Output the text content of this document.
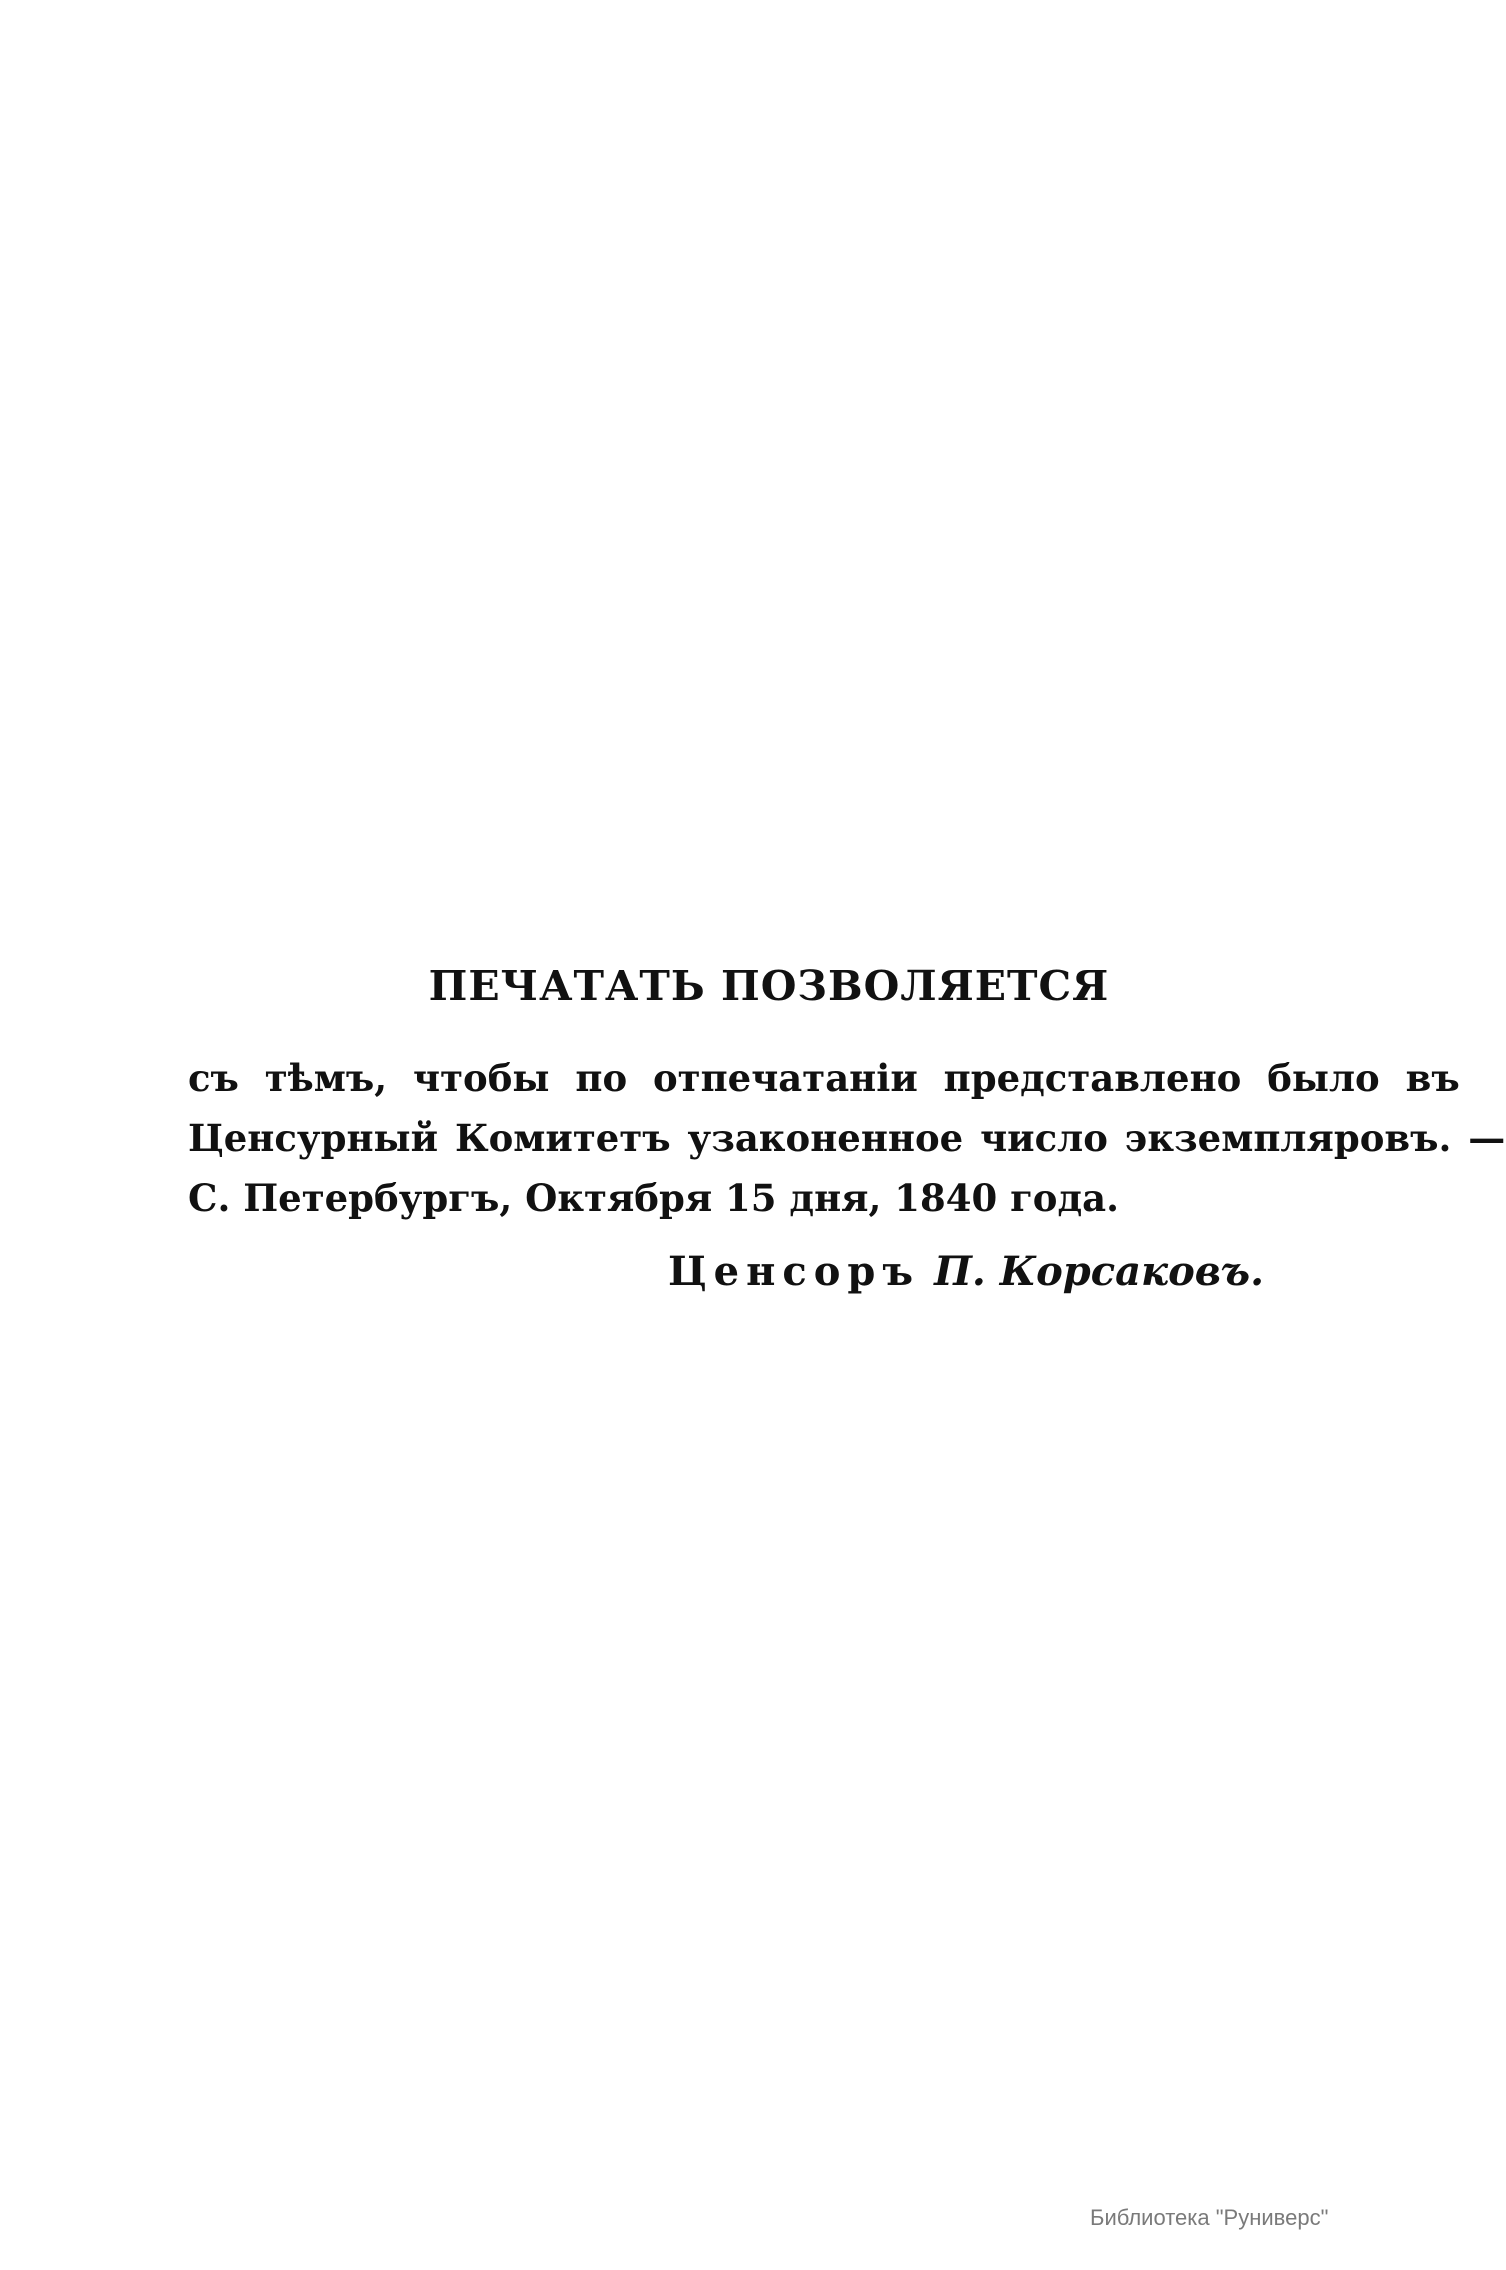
ПЕЧАТАТЬ ПОЗВОЛЯЕТСЯ
съ тѣмъ, чтобы по отпечатаніи представлено было въ
Ценсурный Комитетъ узаконенное число экземпляровъ. —
С. Петербургъ, Октября 15 дня, 1840 года.
Ценсоръ П. Корсаковъ.
Библиотека "Руниверс"
